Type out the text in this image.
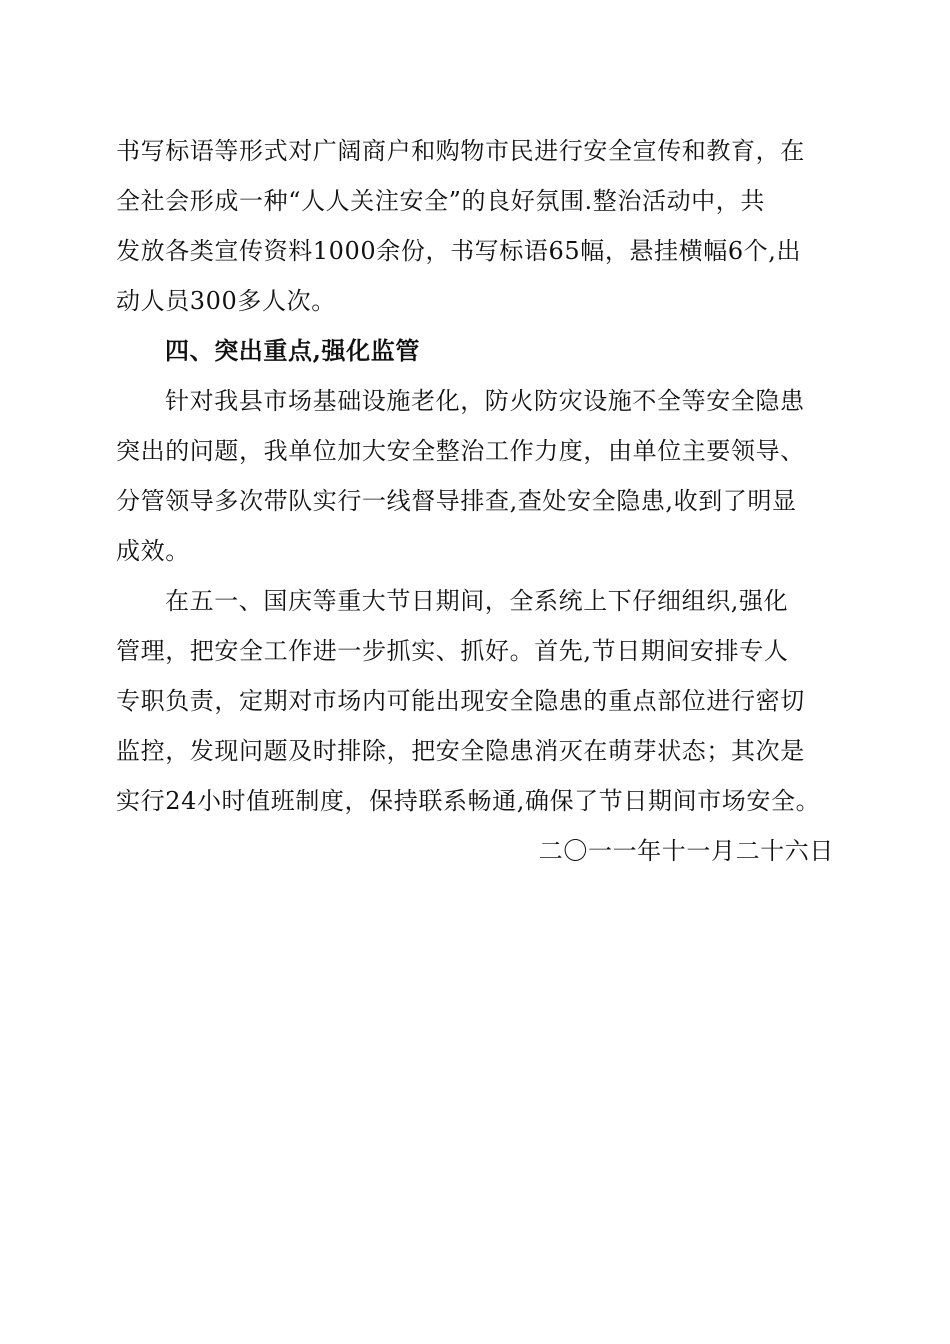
书写标语等形式对广阔商户和购物市民进行安全宣传和教育，在
全社会形成一种“人人关注安全”的良好氛围.整治活动中，共
发放各类宣传资料1000余份，书写标语65幅，悬挂横幅6个,出
动人员300多人次。
四、突出重点,强化监管
针对我县市场基础设施老化，防火防灾设施不全等安全隐患
突出的问题，我单位加大安全整治工作力度，由单位主要领导、
分管领导多次带队实行一线督导排查,查处安全隐患,收到了明显
成效。
在五一、国庆等重大节日期间，全系统上下仔细组织,强化
管理，把安全工作进一步抓实、抓好。首先,节日期间安排专人
专职负责，定期对市场内可能出现安全隐患的重点部位进行密切
监控，发现问题及时排除，把安全隐患消灭在萌芽状态；其次是
实行24小时值班制度，保持联系畅通,确保了节日期间市场安全。
二〇一一年十一月二十六日
